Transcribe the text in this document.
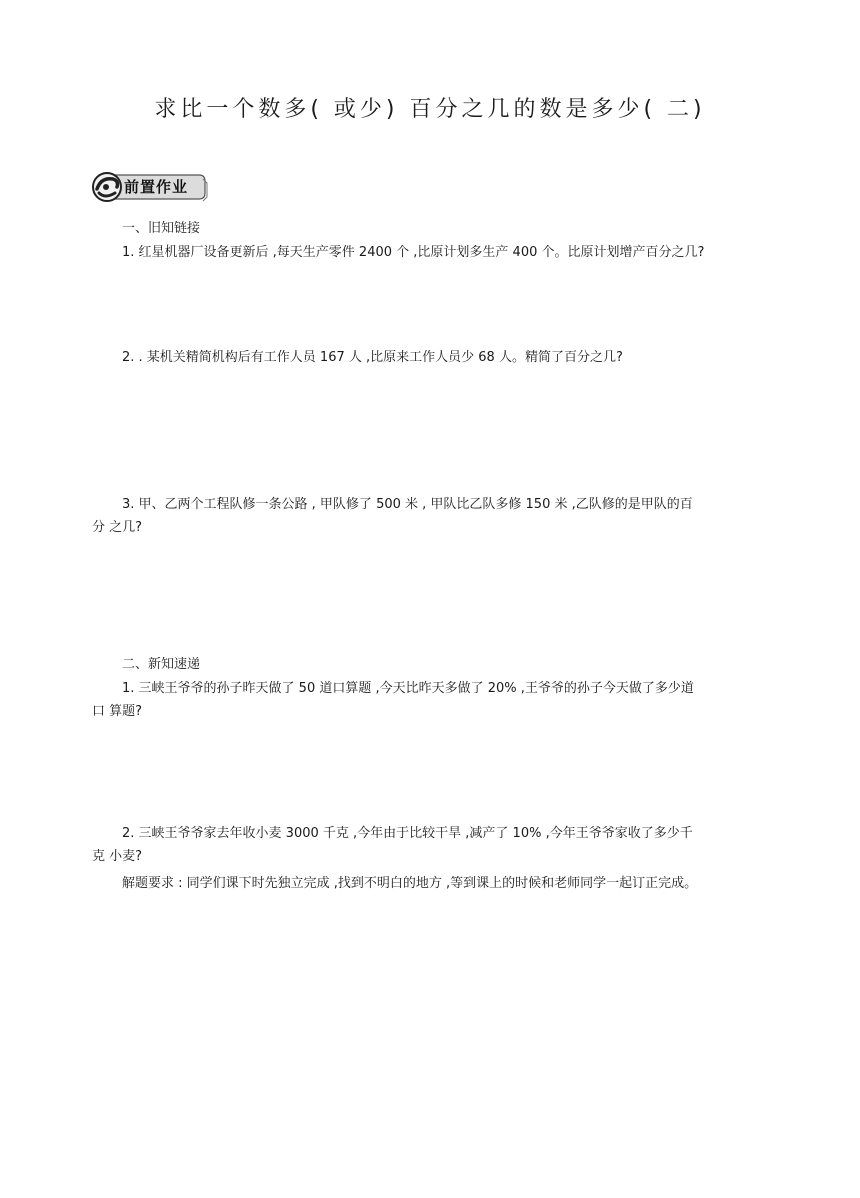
求比一个数多( 或少) 百分之几的数是多少( 二)
前置作业
一、旧知链接

1. 红星机器厂设备更新后 ,每天生产零件 2400 个 ,比原计划多生产 400 个。比原计划增产百分之几?

2. . 某机关精简机构后有工作人员 167 人 ,比原来工作人员少 68 人。精简了百分之几?

3. 甲、乙两个工程队修一条公路 , 甲队修了 500 米 , 甲队比乙队多修 150 米 ,乙队修的是甲队的百
分 之几?

二、新知速递

1. 三峡王爷爷的孙子昨天做了 50 道口算题 ,今天比昨天多做了 20% ,王爷爷的孙子今天做了多少道
口 算题?

2. 三峡王爷爷家去年收小麦 3000 千克 ,今年由于比较干旱 ,减产了 10% ,今年王爷爷家收了多少千
克 小麦?

解题要求 : 同学们课下时先独立完成 ,找到不明白的地方 ,等到课上的时候和老师同学一起订正完成。
